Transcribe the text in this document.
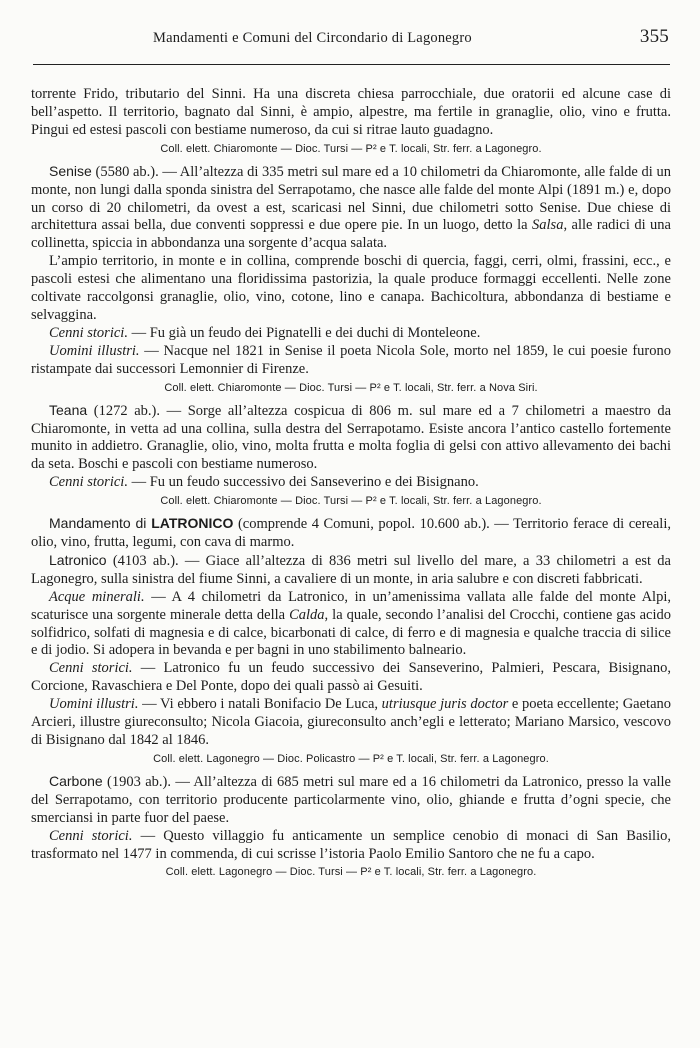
Mandamenti e Comuni del Circondario di Lagonegro	355

torrente Frido, tributario del Sinni. Ha una discreta chiesa parrocchiale, due oratorii ed alcune case di bell’aspetto. Il territorio, bagnato dal Sinni, è ampio, alpestre, ma fertile in granaglie, olio, vino e frutta. Pingui ed estesi pascoli con bestiame numeroso, da cui si ritrae lauto guadagno.

Coll. elett. Chiaromonte — Dioc. Tursi — P² e T. locali, Str. ferr. a Lagonegro.

Senise (5580 ab.). — All’altezza di 335 metri sul mare ed a 10 chilometri da Chiaromonte, alle falde di un monte, non lungi dalla sponda sinistra del Serrapotamo, che nasce alle falde del monte Alpi (1891 m.) e, dopo un corso di 20 chilometri, da ovest a est, scaricasi nel Sinni, due chilometri sotto Senise. Due chiese di architettura assai bella, due conventi soppressi e due opere pie. In un luogo, detto la Salsa, alle radici di una collinetta, spiccia in abbondanza una sorgente d’acqua salata.

L’ampio territorio, in monte e in collina, comprende boschi di quercia, faggi, cerri, olmi, frassini, ecc., e pascoli estesi che alimentano una floridissima pastorizia, la quale produce formaggi eccellenti. Nelle zone coltivate raccolgonsi granaglie, olio, vino, cotone, lino e canapa. Bachicoltura, abbondanza di bestiame e selvaggina.

Cenni storici. — Fu già un feudo dei Pignatelli e dei duchi di Monteleone.

Uomini illustri. — Nacque nel 1821 in Senise il poeta Nicola Sole, morto nel 1859, le cui poesie furono ristampate dai successori Lemonnier di Firenze.

Coll. elett. Chiaromonte — Dioc. Tursi — P² e T. locali, Str. ferr. a Nova Siri.

Teana (1272 ab.). — Sorge all’altezza cospicua di 806 m. sul mare ed a 7 chilometri a maestro da Chiaromonte, in vetta ad una collina, sulla destra del Serrapotamo. Esiste ancora l’antico castello fortemente munito in addietro. Granaglie, olio, vino, molta frutta e molta foglia di gelsi con attivo allevamento dei bachi da seta. Boschi e pascoli con bestiame numeroso.

Cenni storici. — Fu un feudo successivo dei Sanseverino e dei Bisignano.

Coll. elett. Chiaromonte — Dioc. Tursi — P² e T. locali, Str. ferr. a Lagonegro.

Mandamento di LATRONICO (comprende 4 Comuni, popol. 10.600 ab.). — Territorio ferace di cereali, olio, vino, frutta, legumi, con cava di marmo.

Latronico (4103 ab.). — Giace all’altezza di 836 metri sul livello del mare, a 33 chilometri a est da Lagonegro, sulla sinistra del fiume Sinni, a cavaliere di un monte, in aria salubre e con discreti fabbricati.

Acque minerali. — A 4 chilometri da Latronico, in un’amenissima vallata alle falde del monte Alpi, scaturisce una sorgente minerale detta della Calda, la quale, secondo l’analisi del Crocchi, contiene gas acido solfidrico, solfati di magnesia e di calce, bicarbonati di calce, di ferro e di magnesia e qualche traccia di silice e di jodio. Si adopera in bevanda e per bagni in uno stabilimento balneario.

Cenni storici. — Latronico fu un feudo successivo dei Sanseverino, Palmieri, Pescara, Bisignano, Corcione, Ravaschiera e Del Ponte, dopo dei quali passò ai Gesuiti.

Uomini illustri. — Vi ebbero i natali Bonifacio De Luca, utriusque juris doctor e poeta eccellente; Gaetano Arcieri, illustre giureconsulto; Nicola Giacoia, giureconsulto anch’egli e letterato; Mariano Marsico, vescovo di Bisignano dal 1842 al 1846.

Coll. elett. Lagonegro — Dioc. Policastro — P² e T. locali, Str. ferr. a Lagonegro.

Carbone (1903 ab.). — All’altezza di 685 metri sul mare ed a 16 chilometri da Latronico, presso la valle del Serrapotamo, con territorio producente particolarmente vino, olio, ghiande e frutta d’ogni specie, che smerciansi in parte fuor del paese.

Cenni storici. — Questo villaggio fu anticamente un semplice cenobio di monaci di San Basilio, trasformato nel 1477 in commenda, di cui scrisse l’istoria Paolo Emilio Santoro che ne fu a capo.

Coll. elett. Lagonegro — Dioc. Tursi — P² e T. locali, Str. ferr. a Lagonegro.
